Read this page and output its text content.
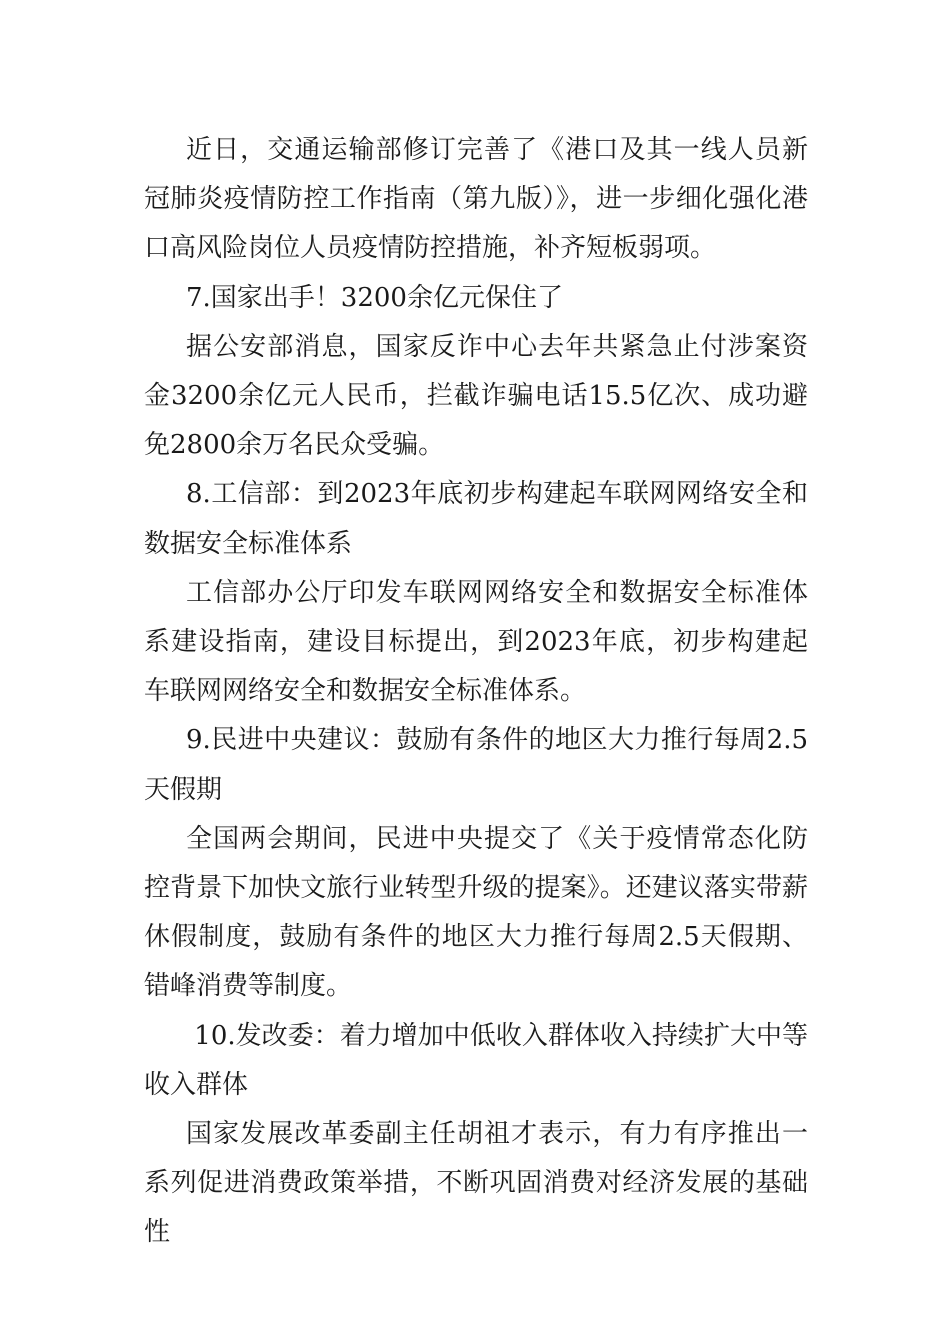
近日，交通运输部修订完善了《港口及其一线人员新冠肺炎疫情防控工作指南（第九版）》，进一步细化强化港口高风险岗位人员疫情防控措施，补齐短板弱项。

7.国家出手！3200余亿元保住了

据公安部消息，国家反诈中心去年共紧急止付涉案资金3200余亿元人民币，拦截诈骗电话15.5亿次、成功避免2800余万名民众受骗。

8.工信部：到2023年底初步构建起车联网网络安全和数据安全标准体系

工信部办公厅印发车联网网络安全和数据安全标准体系建设指南，建设目标提出，到2023年底，初步构建起车联网网络安全和数据安全标准体系。

9.民进中央建议：鼓励有条件的地区大力推行每周2.5天假期

全国两会期间，民进中央提交了《关于疫情常态化防控背景下加快文旅行业转型升级的提案》。还建议落实带薪休假制度，鼓励有条件的地区大力推行每周2.5天假期、错峰消费等制度。

10.发改委：着力增加中低收入群体收入持续扩大中等收入群体

国家发展改革委副主任胡祖才表示，有力有序推出一系列促进消费政策举措，不断巩固消费对经济发展的基础性
